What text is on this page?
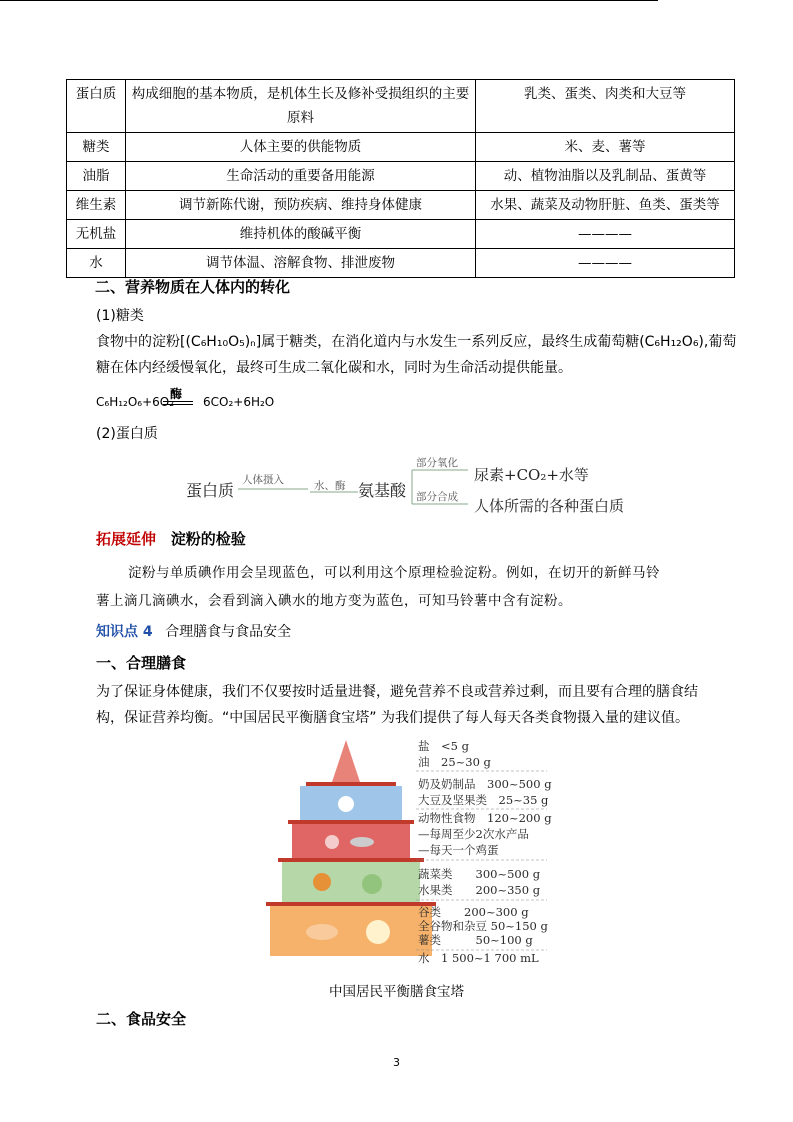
蛋白质	构成细胞的基本物质，是机体生长及修补受损组织的主要原料	乳类、蛋类、肉类和大豆等
糖类	人体主要的供能物质	米、麦、薯等
油脂	生命活动的重要备用能源	动、植物油脂以及乳制品、蛋黄等
维生素	调节新陈代谢，预防疾病、维持身体健康	水果、蔬菜及动物肝脏、鱼类、蛋类等
无机盐	维持机体的酸碱平衡	————
水	调节体温、溶解食物、排泄废物	————
二、营养物质在人体内的转化
(1)糖类
食物中的淀粉[(C₆H₁₀O₅)ₙ]属于糖类，在消化道内与水发生一系列反应，最终生成葡萄糖(C₆H₁₂O₆),葡萄
糖在体内经缓慢氧化，最终可生成二氧化碳和水，同时为生命活动提供能量。
C₆H₁₂O₆+6O₂
酶
6CO₂+6H₂O
(2)蛋白质
蛋白质
人体摄入	水、酶 氨基酸
部分氧化
尿素+CO₂+水等
部分合成 人体所需的各种蛋白质
拓展延伸 淀粉的检验
淀粉与单质碘作用会呈现蓝色，可以利用这个原理检验淀粉。例如，在切开的新鲜马铃
薯上滴几滴碘水，会看到滴入碘水的地方变为蓝色，可知马铃薯中含有淀粉。
知识点 4 合理膳食与食品安全
一、合理膳食
为了保证身体健康，我们不仅要按时适量进餐，避免营养不良或营养过剩，而且要有合理的膳食结
构，保证营养均衡。“中国居民平衡膳食宝塔” 为我们提供了每人每天各类食物摄入量的建议值。
盐　<5 g
油　25~30 g
奶及奶制品　300~500 g
大豆及坚果类　25~35 g
动物性食物　120~200 g
—每周至少2次水产品
—每天一个鸡蛋
蔬菜类　　300~500 g
水果类　　200~350 g
谷类　　200~300 g
全谷物和杂豆 50~150 g
薯类　　　50~100 g
水　1 500~1 700 mL
中国居民平衡膳食宝塔
二、食品安全
3
